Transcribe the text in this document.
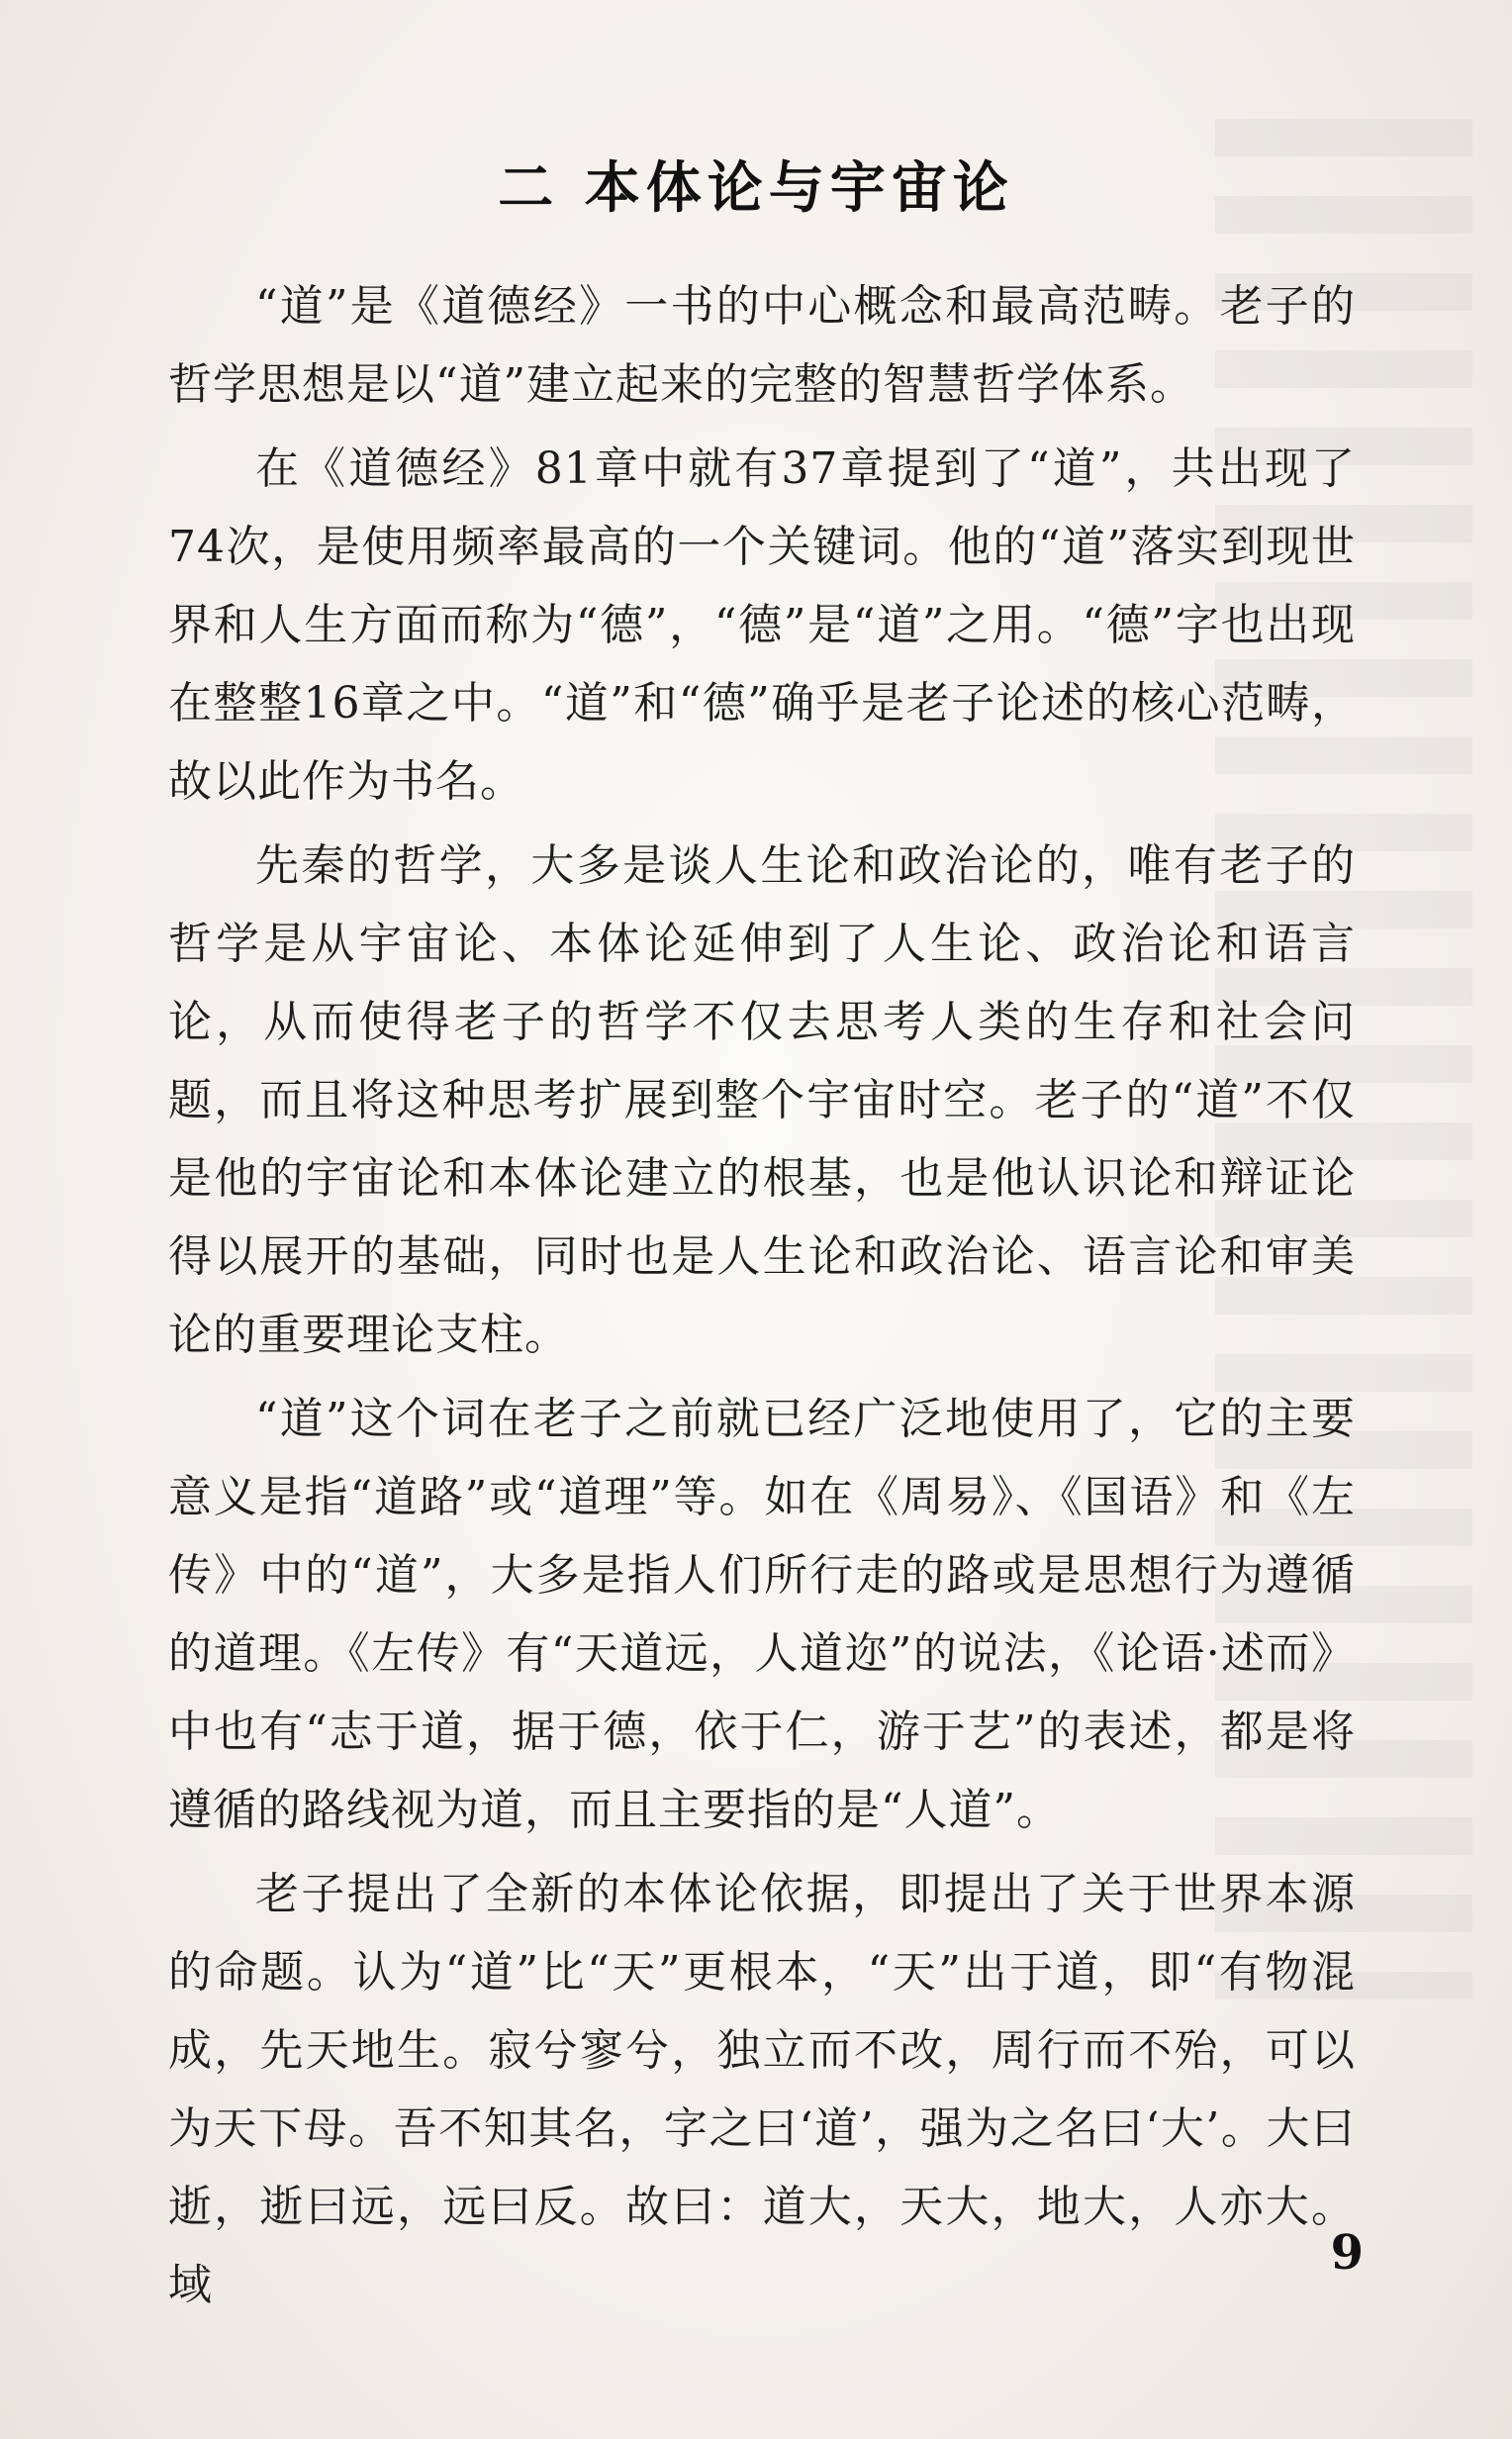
二 本体论与宇宙论

“道”是《道德经》一书的中心概念和最高范畴。老子的哲学思想是以“道”建立起来的完整的智慧哲学体系。

在《道德经》81章中就有37章提到了“道”，共出现了74次，是使用频率最高的一个关键词。他的“道”落实到现世界和人生方面而称为“德”，“德”是“道”之用。“德”字也出现在整整16章之中。“道”和“德”确乎是老子论述的核心范畴，故以此作为书名。

先秦的哲学，大多是谈人生论和政治论的，唯有老子的哲学是从宇宙论、本体论延伸到了人生论、政治论和语言论，从而使得老子的哲学不仅去思考人类的生存和社会问题，而且将这种思考扩展到整个宇宙时空。老子的“道”不仅是他的宇宙论和本体论建立的根基，也是他认识论和辩证论得以展开的基础，同时也是人生论和政治论、语言论和审美论的重要理论支柱。

“道”这个词在老子之前就已经广泛地使用了，它的主要意义是指“道路”或“道理”等。如在《周易》、《国语》和《左传》中的“道”，大多是指人们所行走的路或是思想行为遵循的道理。《左传》有“天道远，人道迩”的说法，《论语·述而》中也有“志于道，据于德，依于仁，游于艺”的表述，都是将遵循的路线视为道，而且主要指的是“人道”。

老子提出了全新的本体论依据，即提出了关于世界本源的命题。认为“道”比“天”更根本，“天”出于道，即“有物混成，先天地生。寂兮寥兮，独立而不改，周行而不殆，可以为天下母。吾不知其名，字之曰‘道’，强为之名曰‘大’。大曰逝，逝曰远，远曰反。故曰：道大，天大，地大，人亦大。域

9
